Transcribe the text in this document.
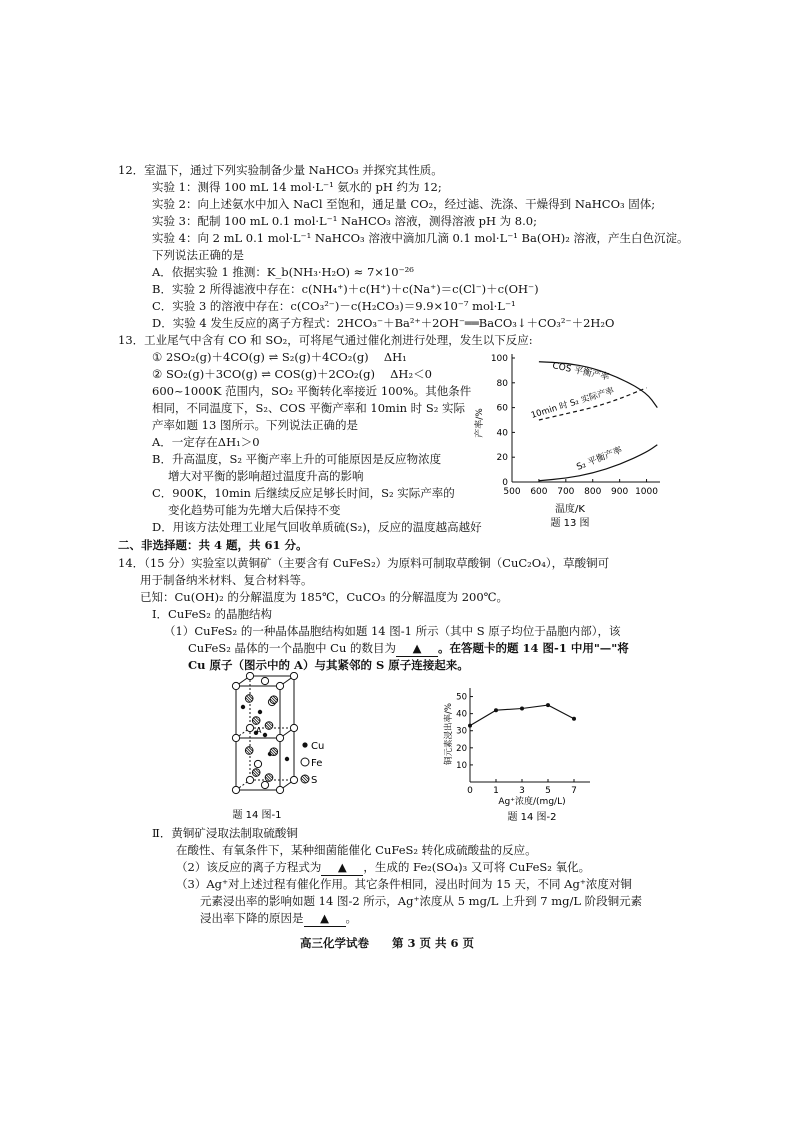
12．室温下，通过下列实验制备少量 NaHCO₃ 并探究其性质。
实验 1：测得 100 mL 14 mol·L⁻¹ 氨水的 pH 约为 12;
实验 2：向上述氨水中加入 NaCl 至饱和，通足量 CO₂，经过滤、洗涤、干燥得到 NaHCO₃ 固体;
实验 3：配制 100 mL 0.1 mol·L⁻¹ NaHCO₃ 溶液，测得溶液 pH 为 8.0;
实验 4：向 2 mL 0.1 mol·L⁻¹ NaHCO₃ 溶液中滴加几滴 0.1 mol·L⁻¹ Ba(OH)₂ 溶液，产生白色沉淀。
下列说法正确的是
A．依据实验 1 推测：K_b(NH₃·H₂O) ≈ 7×10⁻²⁶
B．实验 2 所得滤液中存在：c(NH₄⁺)＋c(H⁺)＋c(Na⁺)＝c(Cl⁻)＋c(OH⁻)
C．实验 3 的溶液中存在：c(CO₃²⁻)－c(H₂CO₃)＝9.9×10⁻⁷ mol·L⁻¹
D．实验 4 发生反应的离子方程式：2HCO₃⁻＋Ba²⁺＋2OH⁻══BaCO₃↓＋CO₃²⁻＋2H₂O
13．工业尾气中含有 CO 和 SO₂，可将尾气通过催化剂进行处理，发生以下反应:
① 2SO₂(g)＋4CO(g) ⇌ S₂(g)＋4CO₂(g)　 ΔH₁
② SO₂(g)＋3CO(g) ⇌ COS(g)＋2CO₂(g)　 ΔH₂＜0
600~1000K 范围内，SO₂ 平衡转化率接近 100%。其他条件
相同，不同温度下，S₂、COS 平衡产率和 10min 时 S₂ 实际
产率如题 13 图所示。下列说法正确的是
A．一定存在ΔH₁＞0
B．升高温度，S₂ 平衡产率上升的可能原因是反应物浓度
增大对平衡的影响超过温度升高的影响
C．900K，10min 后继续反应足够长时间，S₂ 实际产率的
变化趋势可能为先增大后保持不变
D．用该方法处理工业尾气回收单质硫(S₂)，反应的温度越高越好
500 600 700 800 900 1000
0
20
40
60
80
100
产率/%
温度/K
题 13 图
COS 平衡产率
10min 时 S₂ 实际产率
S₂ 平衡产率
二、非选择题：共 4 题，共 61 分。
14．（15 分）实验室以黄铜矿（主要含有 CuFeS₂）为原料可制取草酸铜（CuC₂O₄），草酸铜可
用于制备纳米材料、复合材料等。
已知：Cu(OH)₂ 的分解温度为 185℃，CuCO₃ 的分解温度为 200℃。
Ⅰ．CuFeS₂ 的晶胞结构
（1）CuFeS₂ 的一种晶体晶胞结构如题 14 图-1 所示（其中 S 原子均位于晶胞内部），该
CuFeS₂ 晶体的一个晶胞中 Cu 的数目为 ▲ 。在答题卡的题 14 图-1 中用"—"将
Cu 原子（图示中的 A）与其紧邻的 S 原子连接起来。
A
Cu
Fe
S
题 14 图-1
0 1 3 5 7
10
20
30
40
50
铜元素浸出率/%
Ag⁺浓度/(mg/L)
题 14 图-2
Ⅱ．黄铜矿浸取法制取硫酸铜
在酸性、有氧条件下，某种细菌能催化 CuFeS₂ 转化成硫酸盐的反应。
（2）该反应的离子方程式为 ▲ ，生成的 Fe₂(SO₄)₃ 又可将 CuFeS₂ 氧化。
（3）Ag⁺对上述过程有催化作用。其它条件相同，浸出时间为 15 天，不同 Ag⁺浓度对铜
元素浸出率的影响如题 14 图-2 所示，Ag⁺浓度从 5 mg/L 上升到 7 mg/L 阶段铜元素
浸出率下降的原因是 ▲ 。
高三化学试卷　　第 3 页 共 6 页
